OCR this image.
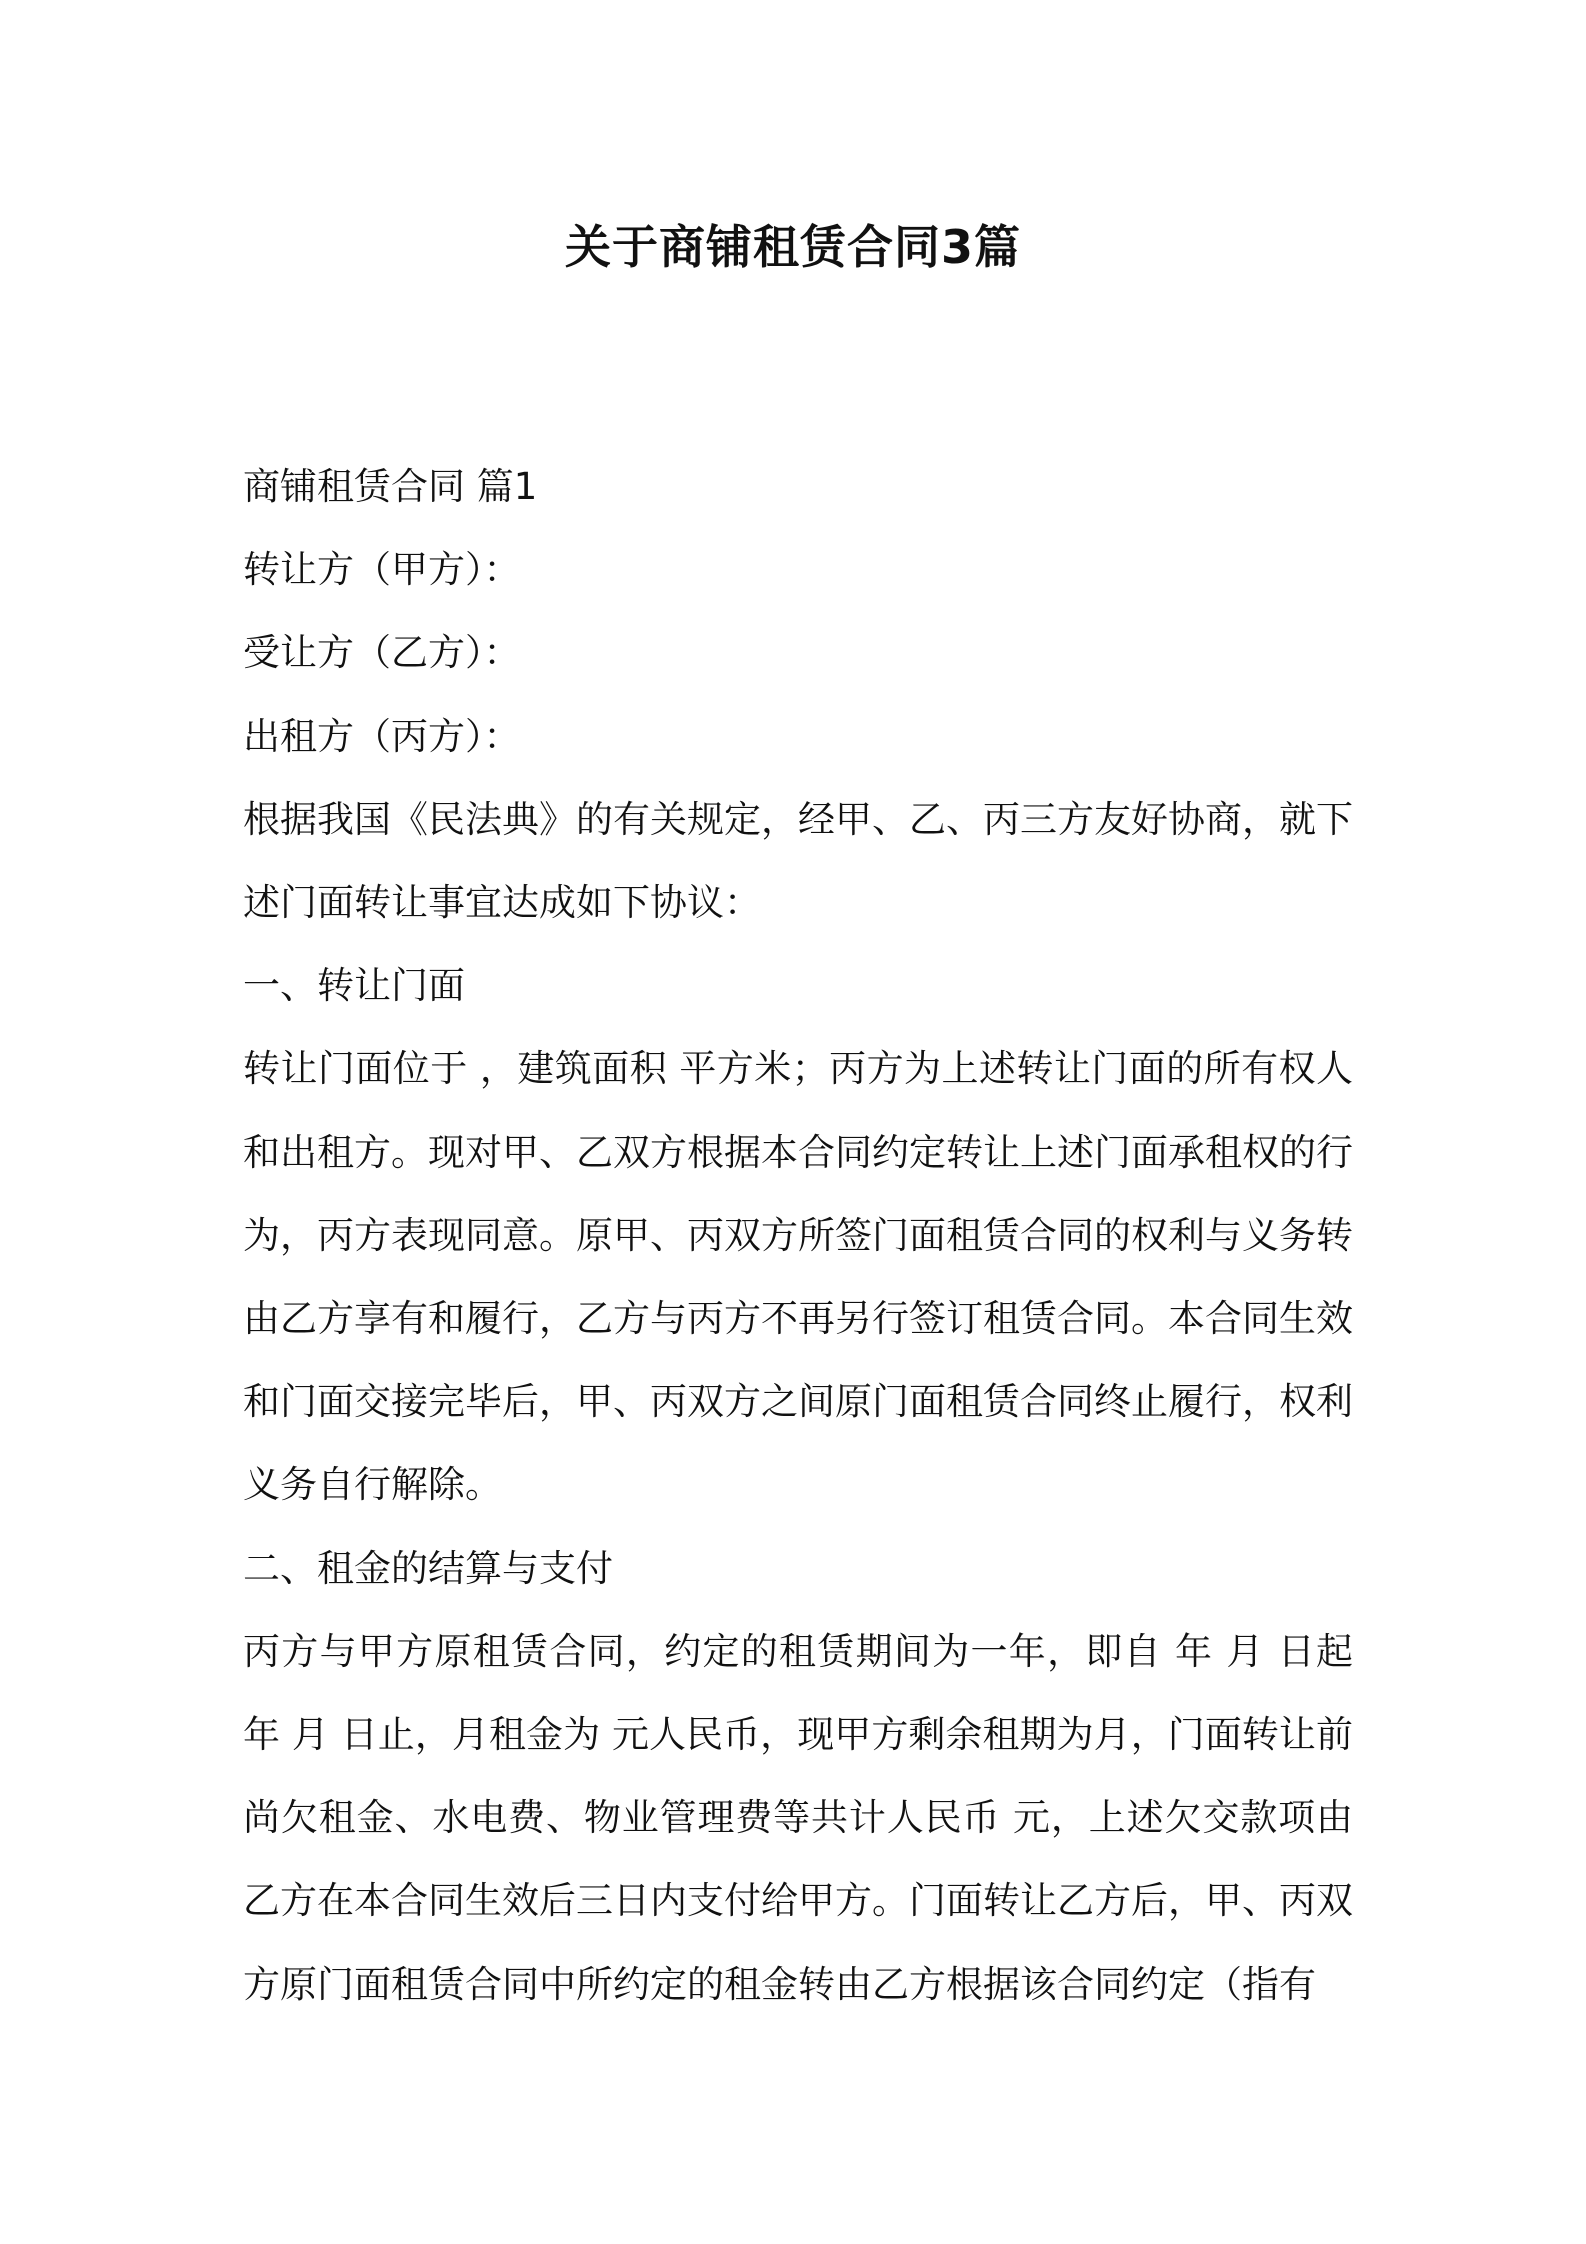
关于商铺租赁合同3篇

商铺租赁合同 篇1

转让方（甲方）：

受让方（乙方）：

出租方（丙方）：

根据我国《民法典》的有关规定，经甲、乙、丙三方友好协商，就下述门面转让事宜达成如下协议：

一、转让门面

转让门面位于 ，建筑面积 平方米；丙方为上述转让门面的所有权人和出租方。现对甲、乙双方根据本合同约定转让上述门面承租权的行为，丙方表现同意。原甲、丙双方所签门面租赁合同的权利与义务转由乙方享有和履行，乙方与丙方不再另行签订租赁合同。本合同生效和门面交接完毕后，甲、丙双方之间原门面租赁合同终止履行，权利义务自行解除。

二、租金的结算与支付

丙方与甲方原租赁合同，约定的租赁期间为一年，即自 年 月 日起 年 月 日止，月租金为 元人民币，现甲方剩余租期为月，门面转让前尚欠租金、水电费、物业管理费等共计人民币 元，上述欠交款项由乙方在本合同生效后三日内支付给甲方。门面转让乙方后，甲、丙双方原门面租赁合同中所约定的租金转由乙方根据该合同约定（指有
